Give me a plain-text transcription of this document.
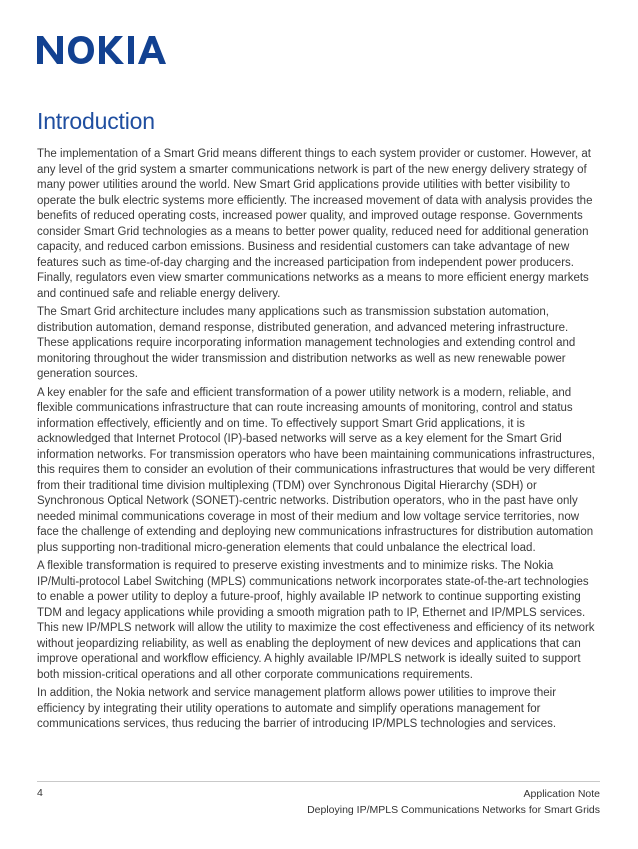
Introduction

The implementation of a Smart Grid means different things to each system provider or customer. However, at any level of the grid system a smarter communications network is part of the new energy delivery strategy of many power utilities around the world. New Smart Grid applications provide utilities with better visibility to operate the bulk electric systems more efficiently. The increased movement of data with analysis provides the benefits of reduced operating costs, increased power quality, and improved outage response. Governments consider Smart Grid technologies as a means to better power quality, reduced need for additional generation capacity, and reduced carbon emissions. Business and residential customers can take advantage of new features such as time-of-day charging and the increased participation from independent power producers. Finally, regulators even view smarter communications networks as a means to more efficient energy markets and continued safe and reliable energy delivery.

The Smart Grid architecture includes many applications such as transmission substation automation, distribution automation, demand response, distributed generation, and advanced metering infrastructure. These applications require incorporating information management technologies and extending control and monitoring throughout the wider transmission and distribution networks as well as new renewable power generation sources.

A key enabler for the safe and efficient transformation of a power utility network is a modern, reliable, and flexible communications infrastructure that can route increasing amounts of monitoring, control and status information effectively, efficiently and on time. To effectively support Smart Grid applications, it is acknowledged that Internet Protocol (IP)-based networks will serve as a key element for the Smart Grid information networks. For transmission operators who have been maintaining communications infrastructures, this requires them to consider an evolution of their communications infrastructures that would be very different from their traditional time division multiplexing (TDM) over Synchronous Digital Hierarchy (SDH) or Synchronous Optical Network (SONET)-centric networks. Distribution operators, who in the past have only needed minimal communications coverage in most of their medium and low voltage service territories, now face the challenge of extending and deploying new communications infrastructures for distribution automation plus supporting non-traditional micro-generation elements that could unbalance the electrical load.

A flexible transformation is required to preserve existing investments and to minimize risks. The Nokia IP/Multi-protocol Label Switching (MPLS) communications network incorporates state-of-the-art technologies to enable a power utility to deploy a future-proof, highly available IP network to continue supporting existing TDM and legacy applications while providing a smooth migration path to IP, Ethernet and IP/MPLS services. This new IP/MPLS network will allow the utility to maximize the cost effectiveness and efficiency of its network without jeopardizing reliability, as well as enabling the deployment of new devices and applications that can improve operational and workflow efficiency. A highly available IP/MPLS network is ideally suited to support both mission-critical operations and all other corporate communications requirements.

In addition, the Nokia network and service management platform allows power utilities to improve their efficiency by integrating their utility operations to automate and simplify operations management for communications services, thus reducing the barrier of introducing IP/MPLS technologies and services.

4	Application Note
Deploying IP/MPLS Communications Networks for Smart Grids
